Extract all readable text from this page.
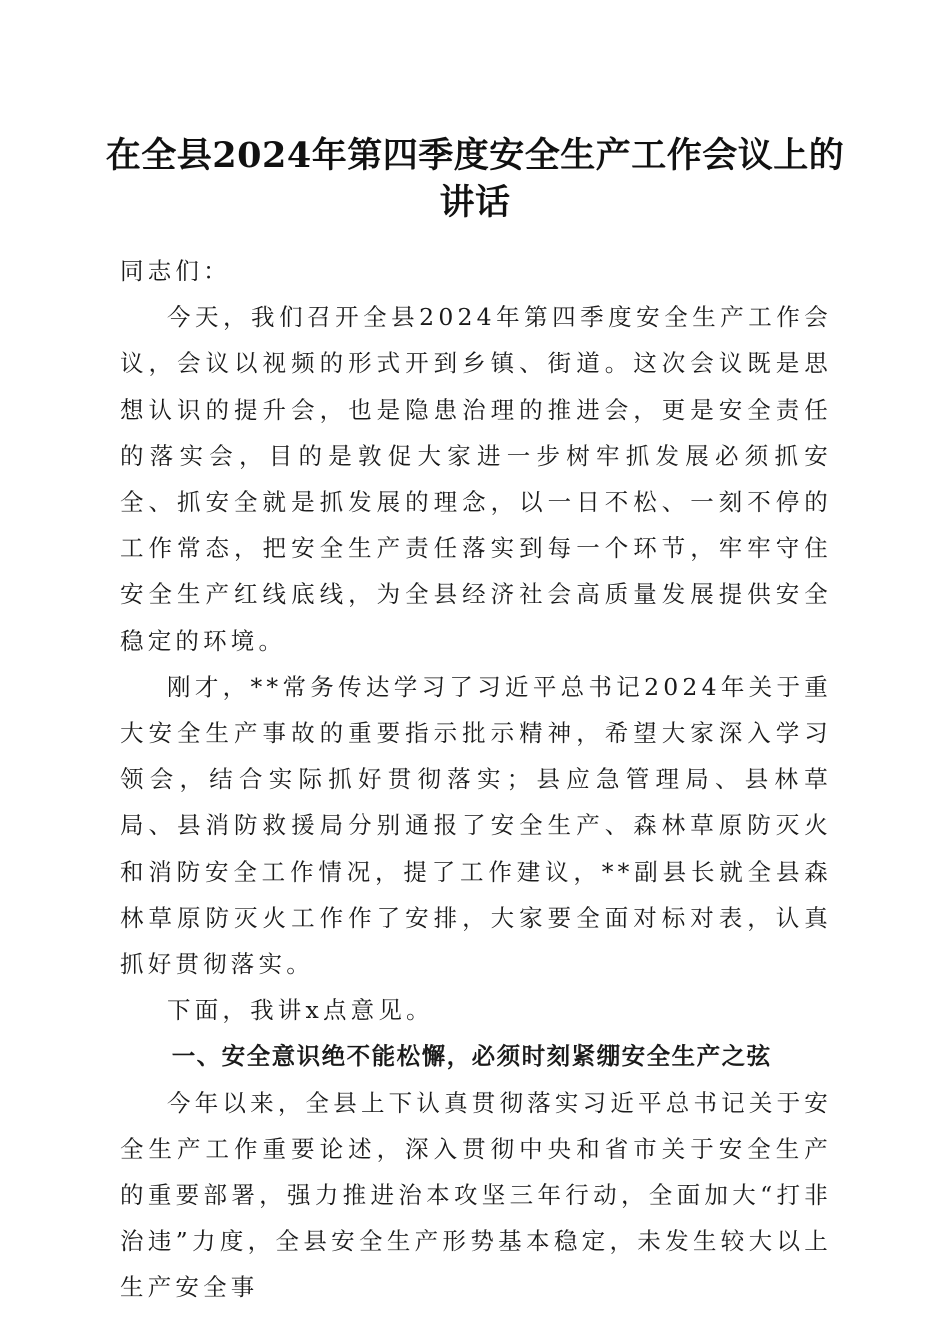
在全县2024年第四季度安全生产工作会议上的讲话

同志们：

今天，我们召开全县2024年第四季度安全生产工作会议，会议以视频的形式开到乡镇、街道。这次会议既是思想认识的提升会，也是隐患治理的推进会，更是安全责任的落实会，目的是敦促大家进一步树牢抓发展必须抓安全、抓安全就是抓发展的理念，以一日不松、一刻不停的工作常态，把安全生产责任落实到每一个环节，牢牢守住安全生产红线底线，为全县经济社会高质量发展提供安全稳定的环境。

刚才，**常务传达学习了习近平总书记2024年关于重大安全生产事故的重要指示批示精神，希望大家深入学习领会，结合实际抓好贯彻落实；县应急管理局、县林草局、县消防救援局分别通报了安全生产、森林草原防灭火和消防安全工作情况，提了工作建议，**副县长就全县森林草原防灭火工作作了安排，大家要全面对标对表，认真抓好贯彻落实。

下面，我讲x点意见。

一、安全意识绝不能松懈，必须时刻紧绷安全生产之弦

今年以来，全县上下认真贯彻落实习近平总书记关于安全生产工作重要论述，深入贯彻中央和省市关于安全生产的重要部署，强力推进治本攻坚三年行动，全面加大“打非治违”力度，全县安全生产形势基本稳定，未发生较大以上生产安全事
